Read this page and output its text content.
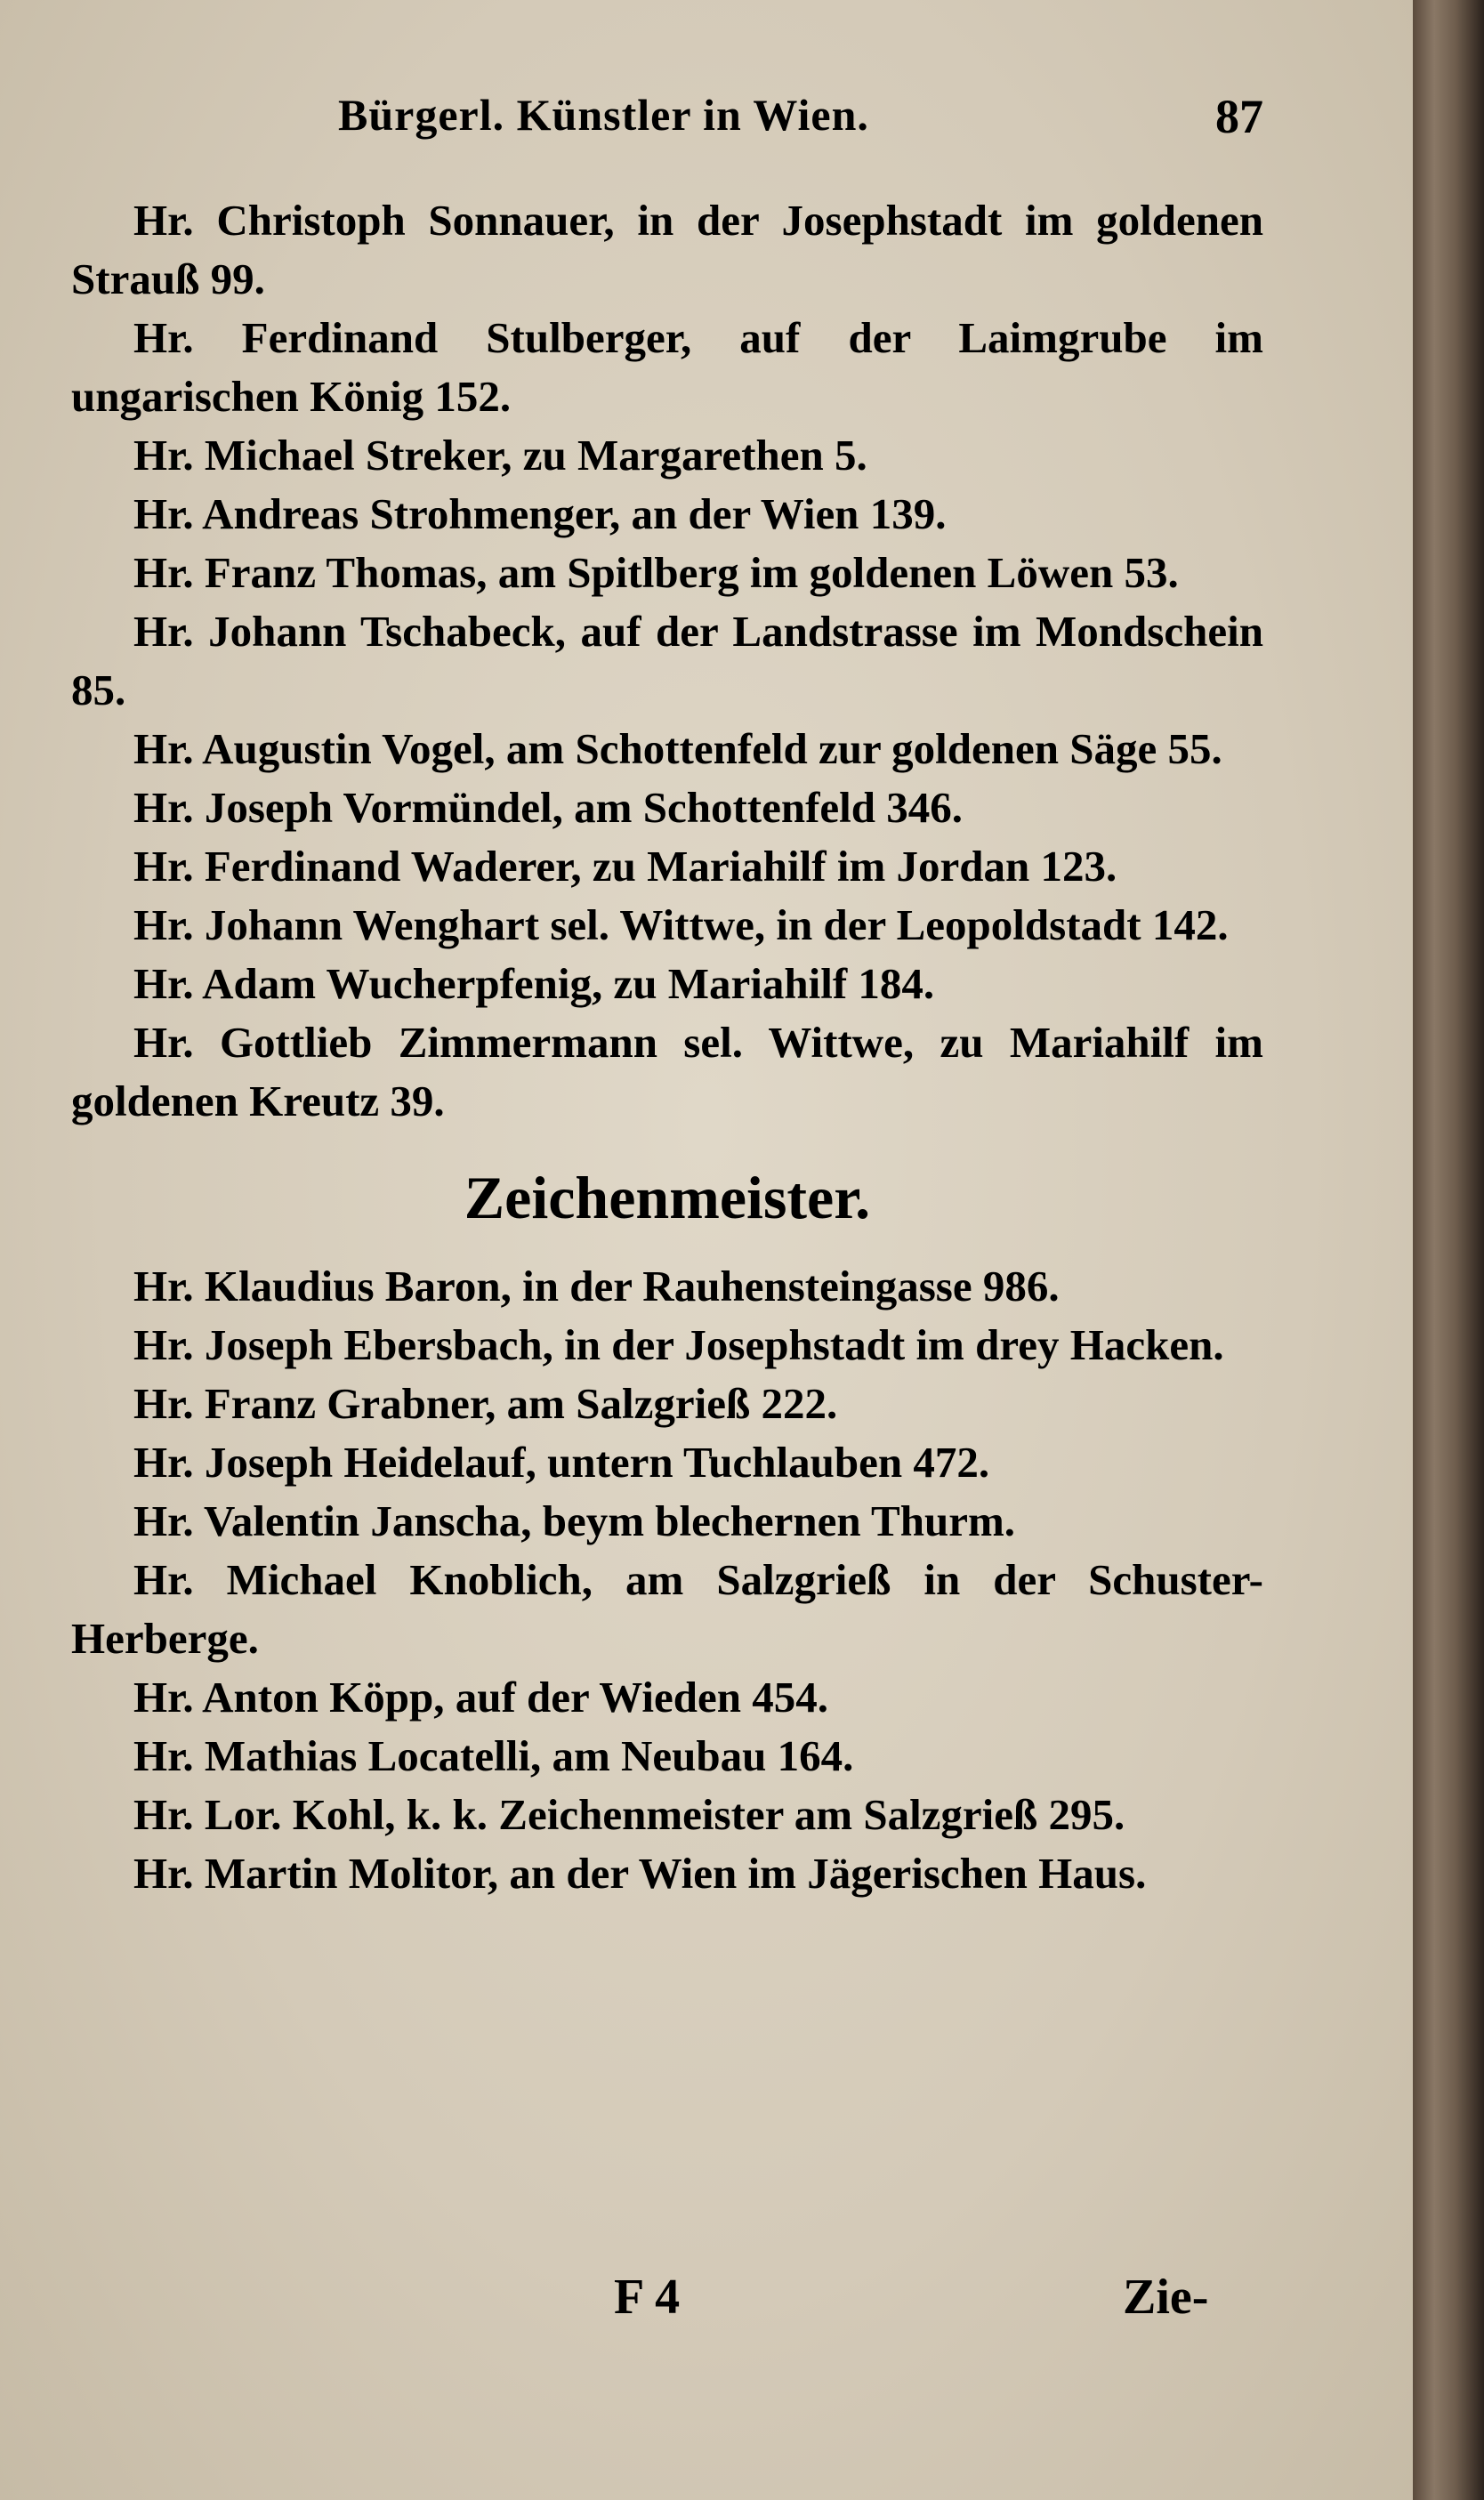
Bürgerl. Künstler in Wien.	87

Hr. Christoph Sonnauer, in der Josephstadt im goldenen Strauß 99.

Hr. Ferdinand Stulberger, auf der Laimgrube im ungarischen König 152.

Hr. Michael Streker, zu Margarethen 5.

Hr. Andreas Strohmenger, an der Wien 139.

Hr. Franz Thomas, am Spitlberg im goldenen Löwen 53.

Hr. Johann Tschabeck, auf der Landstrasse im Mondschein 85.

Hr. Augustin Vogel, am Schottenfeld zur goldenen Säge 55.

Hr. Joseph Vormündel, am Schottenfeld 346.

Hr. Ferdinand Waderer, zu Mariahilf im Jordan 123.

Hr. Johann Wenghart sel. Wittwe, in der Leopoldstadt 142.

Hr. Adam Wucherpfenig, zu Mariahilf 184.

Hr. Gottlieb Zimmermann sel. Wittwe, zu Mariahilf im goldenen Kreutz 39.

Zeichenmeister.

Hr. Klaudius Baron, in der Rauhensteingasse 986.

Hr. Joseph Ebersbach, in der Josephstadt im drey Hacken.

Hr. Franz Grabner, am Salzgrieß 222.

Hr. Joseph Heidelauf, untern Tuchlauben 472.

Hr. Valentin Janscha, beym blechernen Thurm.

Hr. Michael Knoblich, am Salzgrieß in der Schuster-Herberge.

Hr. Anton Köpp, auf der Wieden 454.

Hr. Mathias Locatelli, am Neubau 164.

Hr. Lor. Kohl, k. k. Zeichenmeister am Salzgrieß 295.

Hr. Martin Molitor, an der Wien im Jägerischen Haus.

F 4	Zie-
